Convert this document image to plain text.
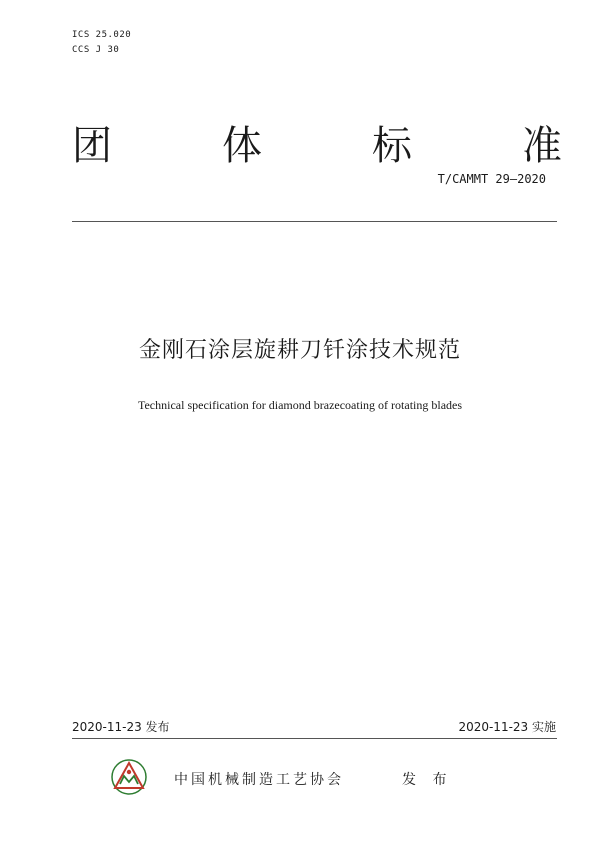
ICS 25.020
CCS J 30
团	体	标	准
T/CAMMT 29—2020
金刚石涂层旋耕刀钎涂技术规范
Technical specification for diamond brazecoating of rotating blades
2020-11-23 发布	2020-11-23 实施
中国机械制造工艺协会	发 布
